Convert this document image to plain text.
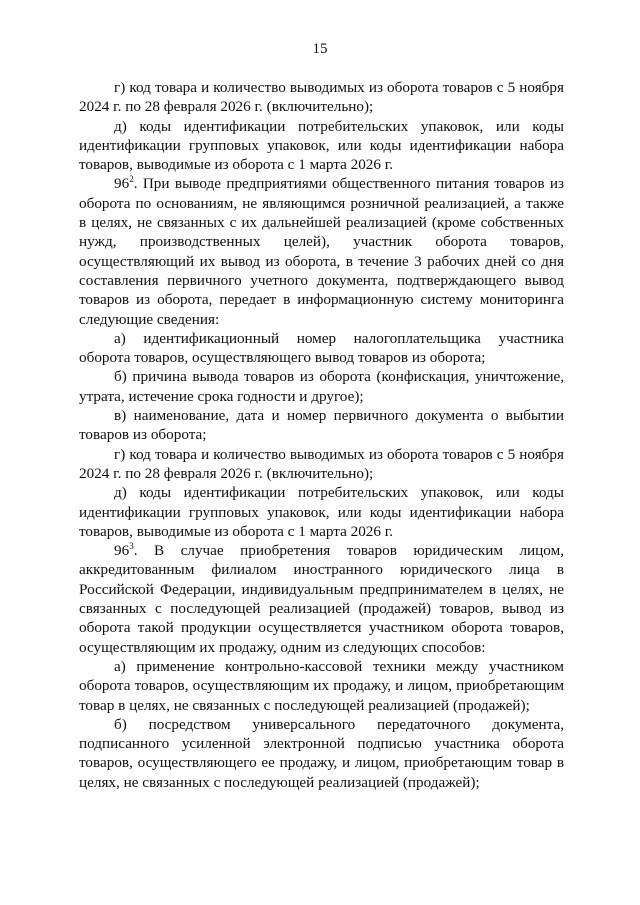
15

г) код товара и количество выводимых из оборота товаров с 5 ноября 2024 г. по 28 февраля 2026 г. (включительно);

д) коды идентификации потребительских упаковок, или коды идентификации групповых упаковок, или коды идентификации набора товаров, выводимые из оборота с 1 марта 2026 г.

$96^2$. При выводе предприятиями общественного питания товаров из оборота по основаниям, не являющимся розничной реализацией, а также в целях, не связанных с их дальнейшей реализацией (кроме собственных нужд, производственных целей), участник оборота товаров, осуществляющий их вывод из оборота, в течение 3 рабочих дней со дня составления первичного учетного документа, подтверждающего вывод товаров из оборота, передает в информационную систему мониторинга следующие сведения:

а) идентификационный номер налогоплательщика участника оборота товаров, осуществляющего вывод товаров из оборота;

б) причина вывода товаров из оборота (конфискация, уничтожение, утрата, истечение срока годности и другое);

в) наименование, дата и номер первичного документа о выбытии товаров из оборота;

г) код товара и количество выводимых из оборота товаров с 5 ноября 2024 г. по 28 февраля 2026 г. (включительно);

д) коды идентификации потребительских упаковок, или коды идентификации групповых упаковок, или коды идентификации набора товаров, выводимые из оборота с 1 марта 2026 г.

$96^3$. В случае приобретения товаров юридическим лицом, аккредитованным филиалом иностранного юридического лица в Российской Федерации, индивидуальным предпринимателем в целях, не связанных с последующей реализацией (продажей) товаров, вывод из оборота такой продукции осуществляется участником оборота товаров, осуществляющим их продажу, одним из следующих способов:

а) применение контрольно-кассовой техники между участником оборота товаров, осуществляющим их продажу, и лицом, приобретающим товар в целях, не связанных с последующей реализацией (продажей);

б) посредством универсального передаточного документа, подписанного усиленной электронной подписью участника оборота товаров, осуществляющего ее продажу, и лицом, приобретающим товар в целях, не связанных с последующей реализацией (продажей);
